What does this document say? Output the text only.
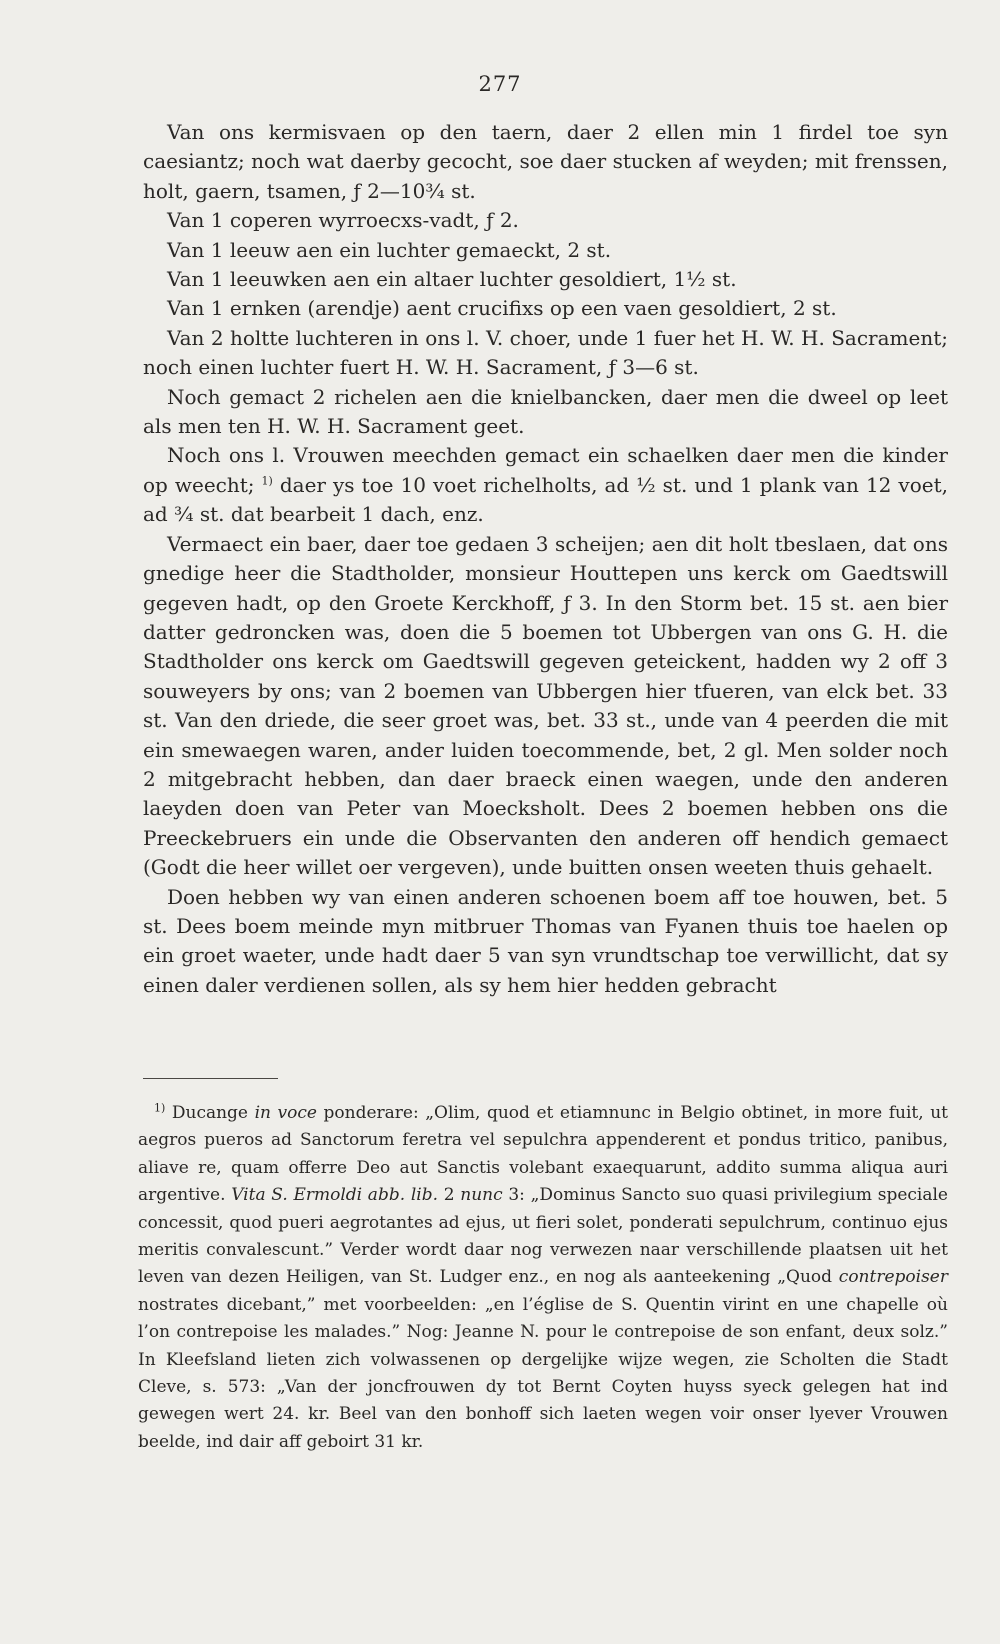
277

Van ons kermisvaen op den taern, daer 2 ellen min 1 firdel toe syn caesiantz; noch wat daerby gecocht, soe daer stucken af weyden; mit frenssen, holt, gaern, tsamen, ƒ 2—10¾ st.

Van 1 coperen wyrroecxs-vadt, ƒ 2.

Van 1 leeuw aen ein luchter gemaeckt, 2 st.

Van 1 leeuwken aen ein altaer luchter gesoldiert, 1½ st.

Van 1 ernken (arendje) aent crucifixs op een vaen gesoldiert, 2 st.

Van 2 holtte luchteren in ons l. V. choer, unde 1 fuer het H. W. H. Sacrament; noch einen luchter fuert H. W. H. Sacrament, ƒ 3—6 st.

Noch gemact 2 richelen aen die knielbancken, daer men die dweel op leet als men ten H. W. H. Sacrament geet.

Noch ons l. Vrouwen meechden gemact ein schaelken daer men die kinder op weecht; $^{1)}$ daer ys toe 10 voet richelholts, ad ½ st. und 1 plank van 12 voet, ad ¾ st. dat bearbeit 1 dach, enz.

Vermaect ein baer, daer toe gedaen 3 scheijen; aen dit holt tbeslaen, dat ons gnedige heer die Stadtholder, monsieur Houttepen uns kerck om Gaedtswill gegeven hadt, op den Groete Kerckhoff, ƒ 3. In den Storm bet. 15 st. aen bier datter gedroncken was, doen die 5 boemen tot Ubbergen van ons G. H. die Stadtholder ons kerck om Gaedtswill gegeven geteickent, hadden wy 2 off 3 souweyers by ons; van 2 boemen van Ubbergen hier tfueren, van elck bet. 33 st. Van den driede, die seer groet was, bet. 33 st., unde van 4 peerden die mit ein smewaegen waren, ander luiden toecommende, bet, 2 gl. Men solder noch 2 mitgebracht hebben, dan daer braeck einen waegen, unde den anderen laeyden doen van Peter van Moecksholt. Dees 2 boemen hebben ons die Preeckebruers ein unde die Observanten den anderen off hendich gemaect (Godt die heer willet oer vergeven), unde buitten onsen weeten thuis gehaelt.

Doen hebben wy van einen anderen schoenen boem aff toe houwen, bet. 5 st. Dees boem meinde myn mitbruer Thomas van Fyanen thuis toe haelen op ein groet waeter, unde hadt daer 5 van syn vrundtschap toe verwillicht, dat sy einen daler verdienen sollen, als sy hem hier hedden gebracht

$^{1)}$ Ducange in voce ponderare: „Olim, quod et etiamnunc in Belgio obtinet, in more fuit, ut aegros pueros ad Sanctorum feretra vel sepulchra appenderent et pondus tritico, panibus, aliave re, quam offerre Deo aut Sanctis volebant exaequarunt, addito summa aliqua auri argentive. Vita S. Ermoldi abb. lib. 2 nunc 3: „Dominus Sancto suo quasi privilegium speciale concessit, quod pueri aegrotantes ad ejus, ut fieri solet, ponderati sepulchrum, continuo ejus meritis convalescunt.” Verder wordt daar nog verwezen naar verschillende plaatsen uit het leven van dezen Heiligen, van St. Ludger enz., en nog als aanteekening „Quod contrepoiser nostrates dicebant,” met voorbeelden: „en l’église de S. Quentin virint en une chapelle où l’on contrepoise les malades.” Nog: Jeanne N. pour le contrepoise de son enfant, deux solz.” In Kleefsland lieten zich volwassenen op dergelijke wijze wegen, zie Scholten die Stadt Cleve, s. 573: „Van der joncfrouwen dy tot Bernt Coyten huyss syeck gelegen hat ind gewegen wert 24. kr. Beel van den bonhoff sich laeten wegen voir onser lyever Vrouwen beelde, ind dair aff geboirt 31 kr.
